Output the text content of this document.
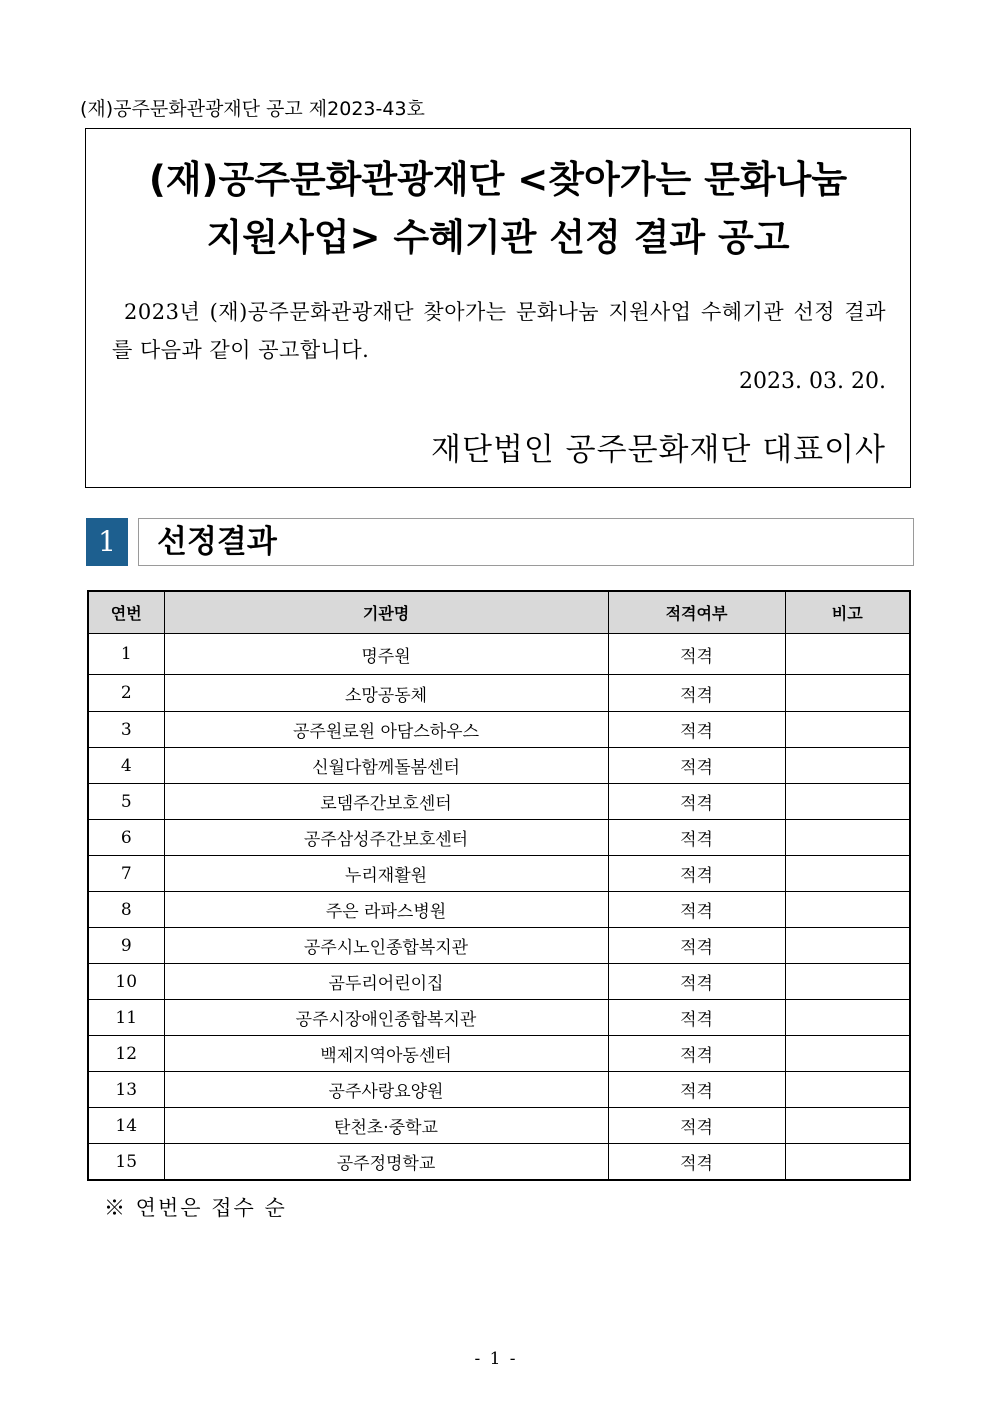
(재)공주문화관광재단 공고 제2023-43호
(재)공주문화관광재단 <찾아가는 문화나눔
지원사업> 수혜기관 선정 결과 공고
2023년 (재)공주문화관광재단 찾아가는 문화나눔 지원사업 수혜기관 선정 결과를 다음과 같이 공고합니다.
2023. 03. 20.
재단법인 공주문화재단 대표이사
1	선정결과
연번	기관명	적격여부	비고
1	명주원	적격	
2	소망공동체	적격	
3	공주원로원 아담스하우스	적격	
4	신월다함께돌봄센터	적격	
5	로뎀주간보호센터	적격	
6	공주삼성주간보호센터	적격	
7	누리재활원	적격	
8	주은 라파스병원	적격	
9	공주시노인종합복지관	적격	
10	곰두리어린이집	적격	
11	공주시장애인종합복지관	적격	
12	백제지역아동센터	적격	
13	공주사랑요양원	적격	
14	탄천초·중학교	적격	
15	공주정명학교	적격	
※ 연번은 접수 순
- 1 -
